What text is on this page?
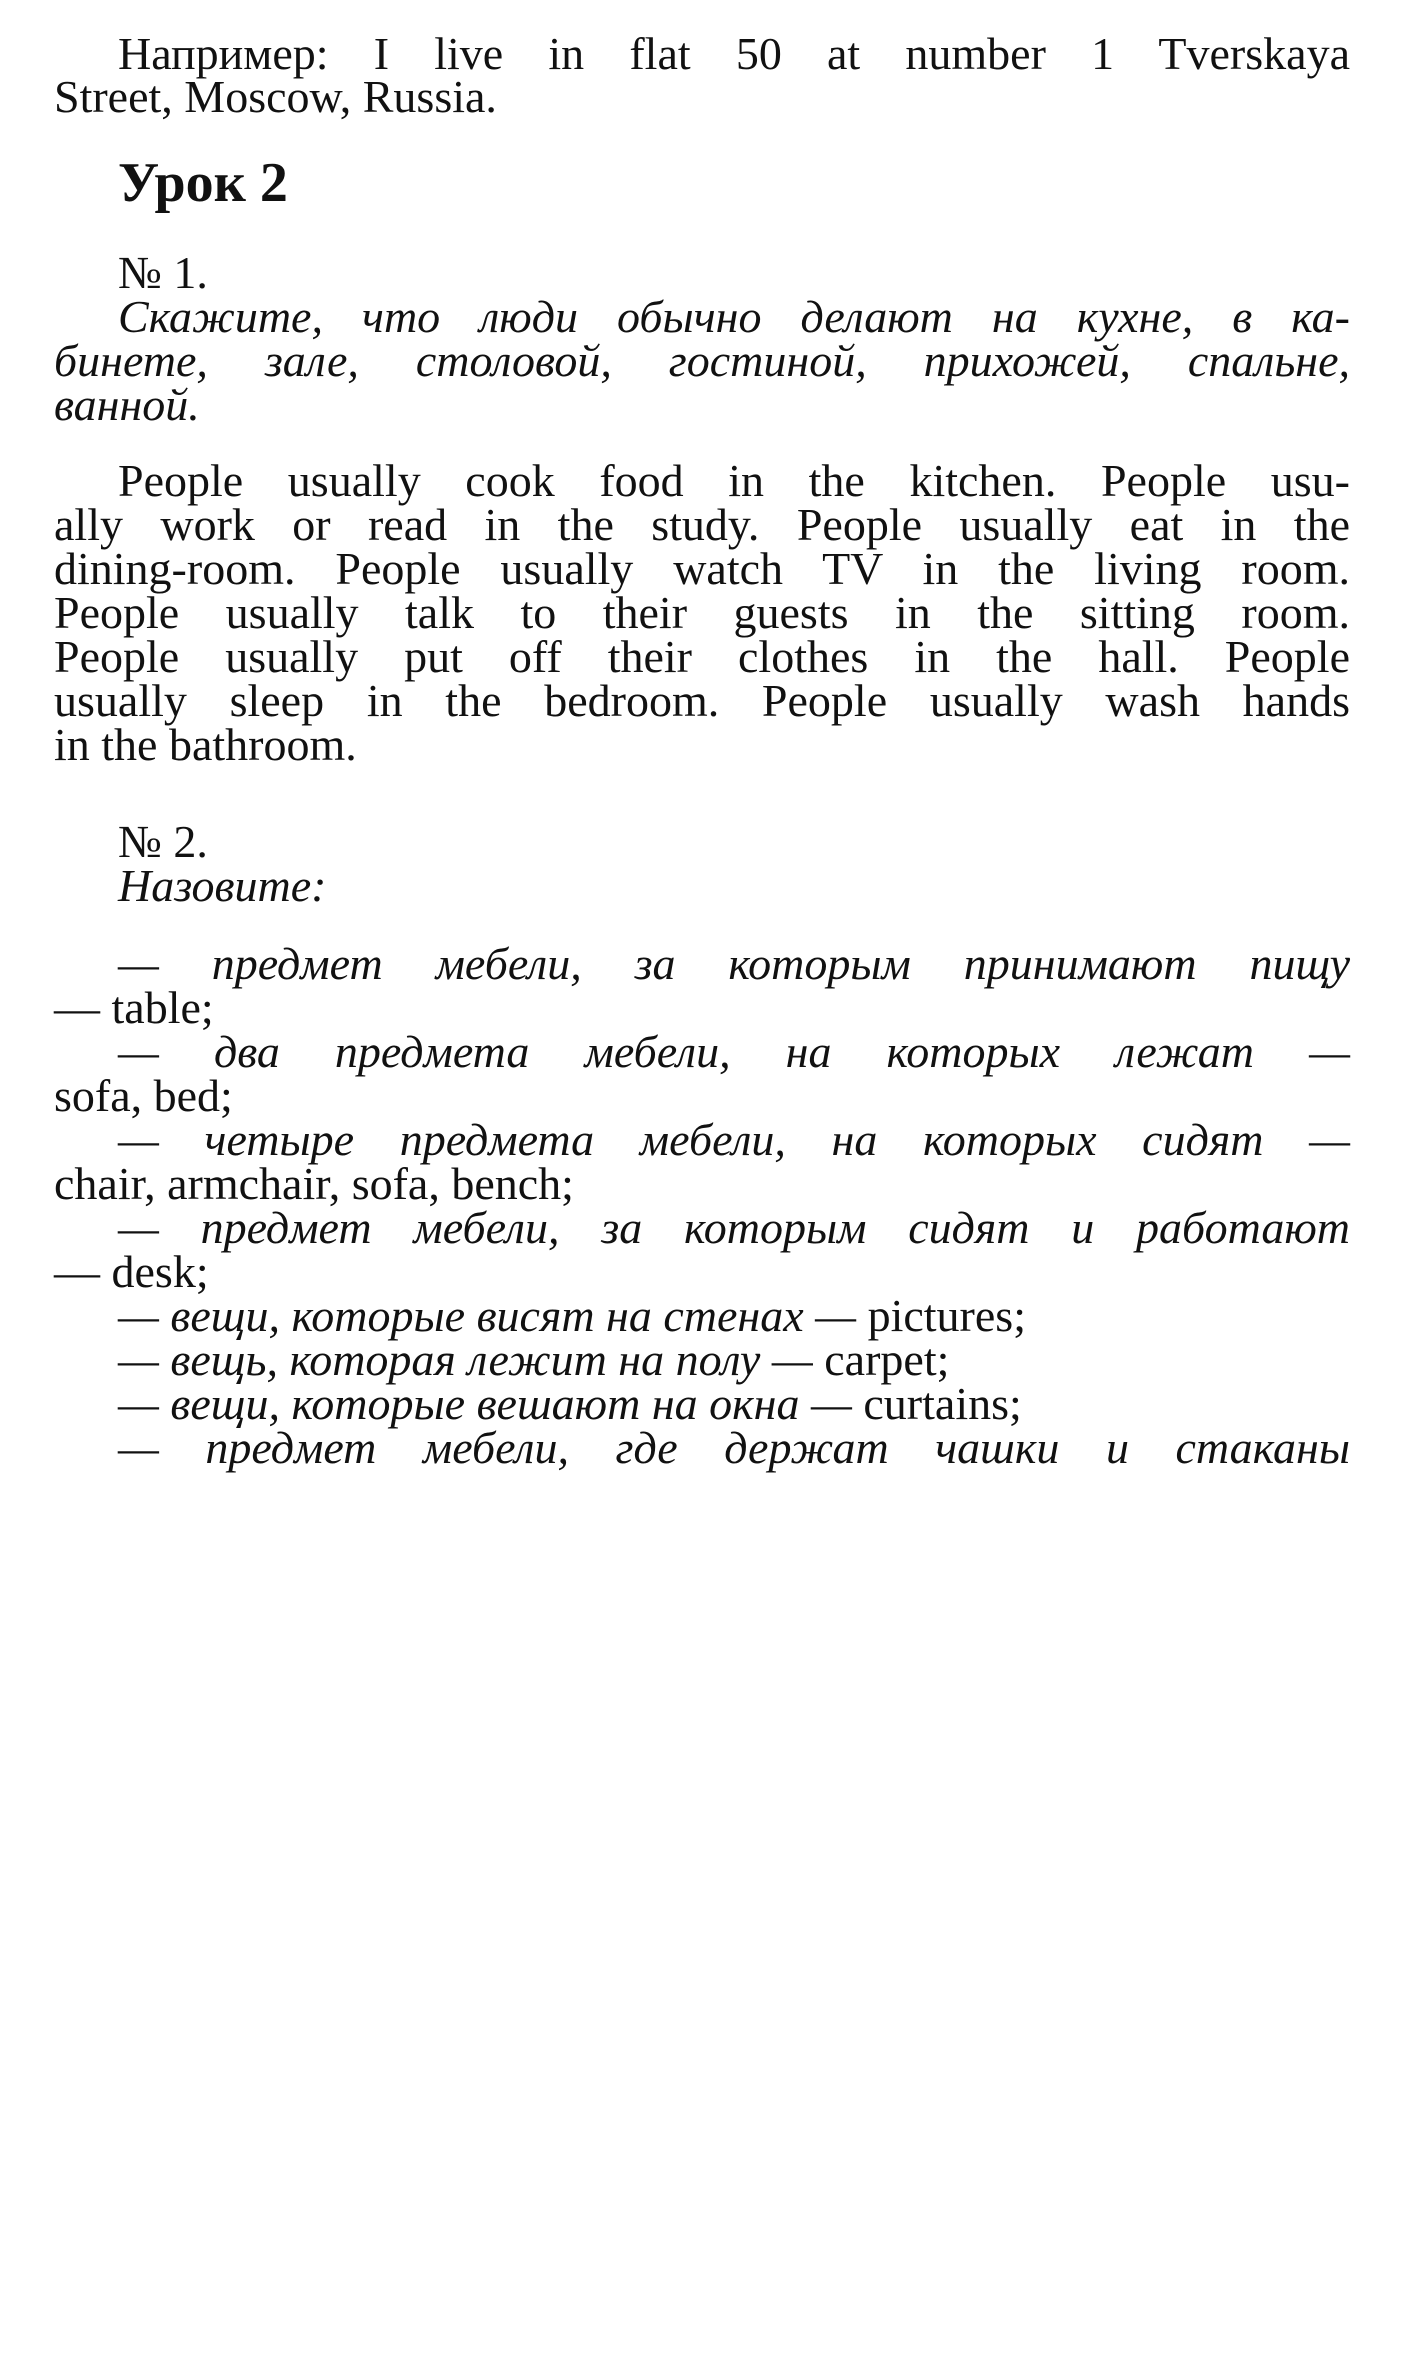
Например: I live in flat 50 at number 1 Tverskaya
Street, Moscow, Russia.
Урок 2
№ 1.
Скажите, что люди обычно делают на кухне, в ка-
бинете, зале, столовой, гостиной, прихожей, спальне,
ванной.
People usually cook food in the kitchen. People usu-
ally work or read in the study. People usually eat in the
dining-room. People usually watch TV in the living room.
People usually talk to their guests in the sitting room.
People usually put off their clothes in the hall. People
usually sleep in the bedroom. People usually wash hands
in the bathroom.
№ 2.
Назовите:
— предмет мебели, за которым принимают пищу
— table;
— два предмета мебели, на которых лежат —
sofa, bed;
— четыре предмета мебели, на которых сидят —
chair, armchair, sofa, bench;
— предмет мебели, за которым сидят и работают
— desk;
— вещи, которые висят на стенах — pictures;
— вещь, которая лежит на полу — carpet;
— вещи, которые вешают на окна — curtains;
— предмет мебели, где держат чашки и стаканы
